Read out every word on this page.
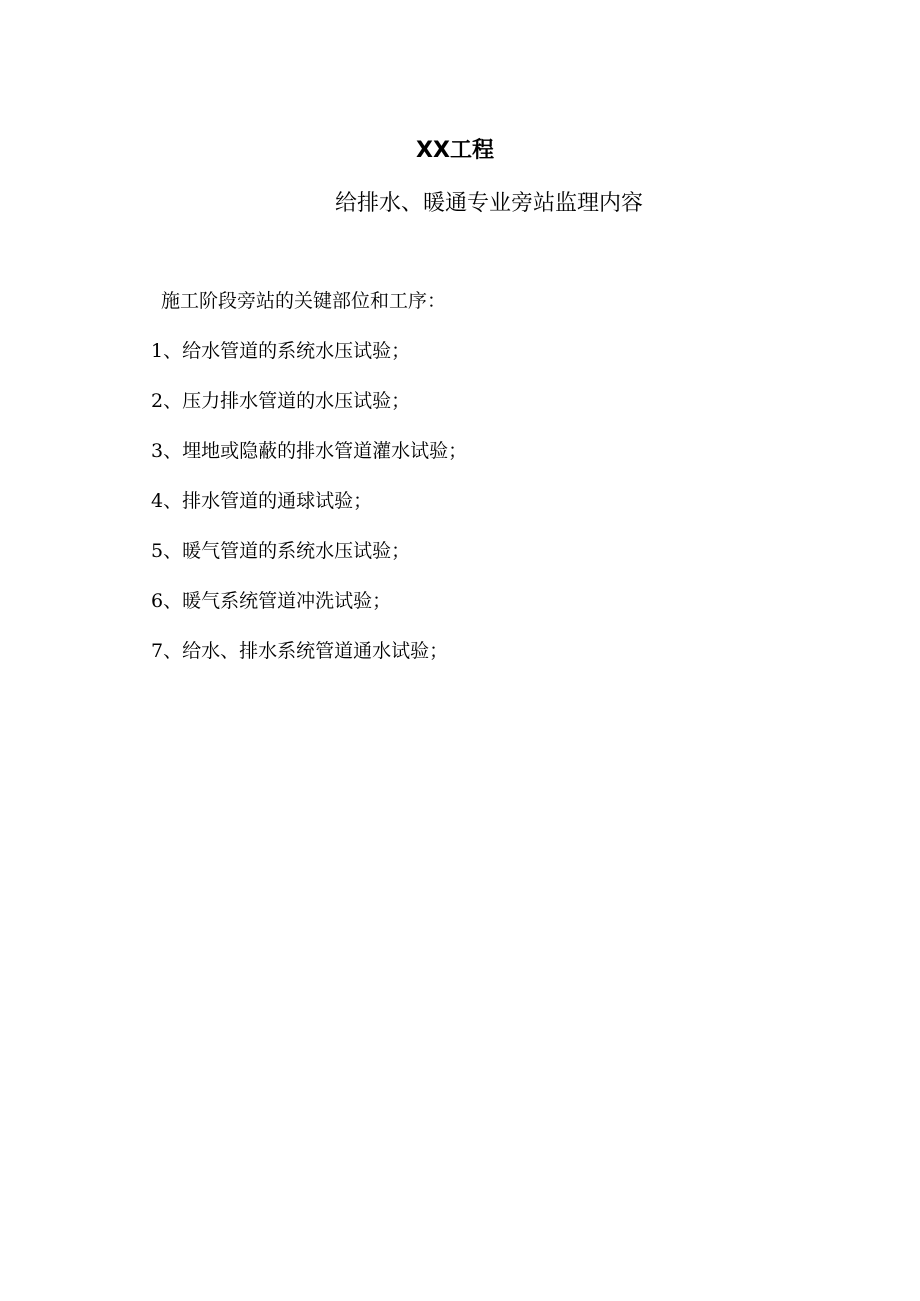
XX工程
给排水、暖通专业旁站监理内容

施工阶段旁站的关键部位和工序：

1、给水管道的系统水压试验；
2、压力排水管道的水压试验；
3、埋地或隐蔽的排水管道灌水试验；
4、排水管道的通球试验；
5、暖气管道的系统水压试验；
6、暖气系统管道冲洗试验；
7、给水、排水系统管道通水试验；
